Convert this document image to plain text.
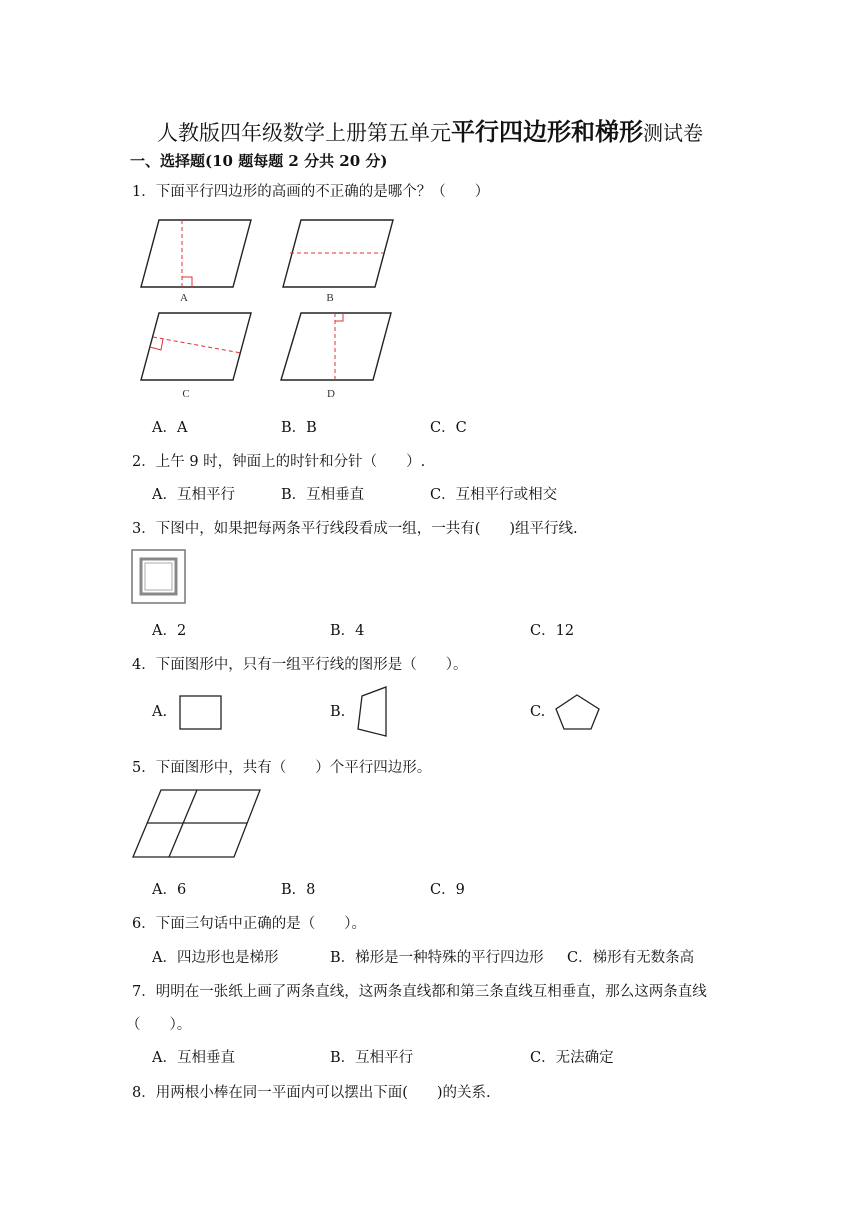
人教版四年级数学上册第五单元平行四边形和梯形测试卷
一、选择题(10 题每题 2 分共 20 分)
1．下面平行四边形的高画的不正确的是哪个？（　　）
A	B
C	D
A．A	B．B	C．C
2．上午 9 时，钟面上的时针和分针（　　）.
A．互相平行	B．互相垂直	C．互相平行或相交
3．下图中，如果把每两条平行线段看成一组，一共有(　　)组平行线.
A．2	B．4	C．12
4．下面图形中，只有一组平行线的图形是（　　）。
A.	B.	C.
5．下面图形中，共有（　　）个平行四边形。
A．6	B．8	C．9
6．下面三句话中正确的是（　　）。
A．四边形也是梯形	B．梯形是一种特殊的平行四边形 C．梯形有无数条高
7．明明在一张纸上画了两条直线，这两条直线都和第三条直线互相垂直，那么这两条直线
（　　）。
A．互相垂直	B．互相平行	C．无法确定
8．用两根小棒在同一平面内可以摆出下面(　　)的关系.
